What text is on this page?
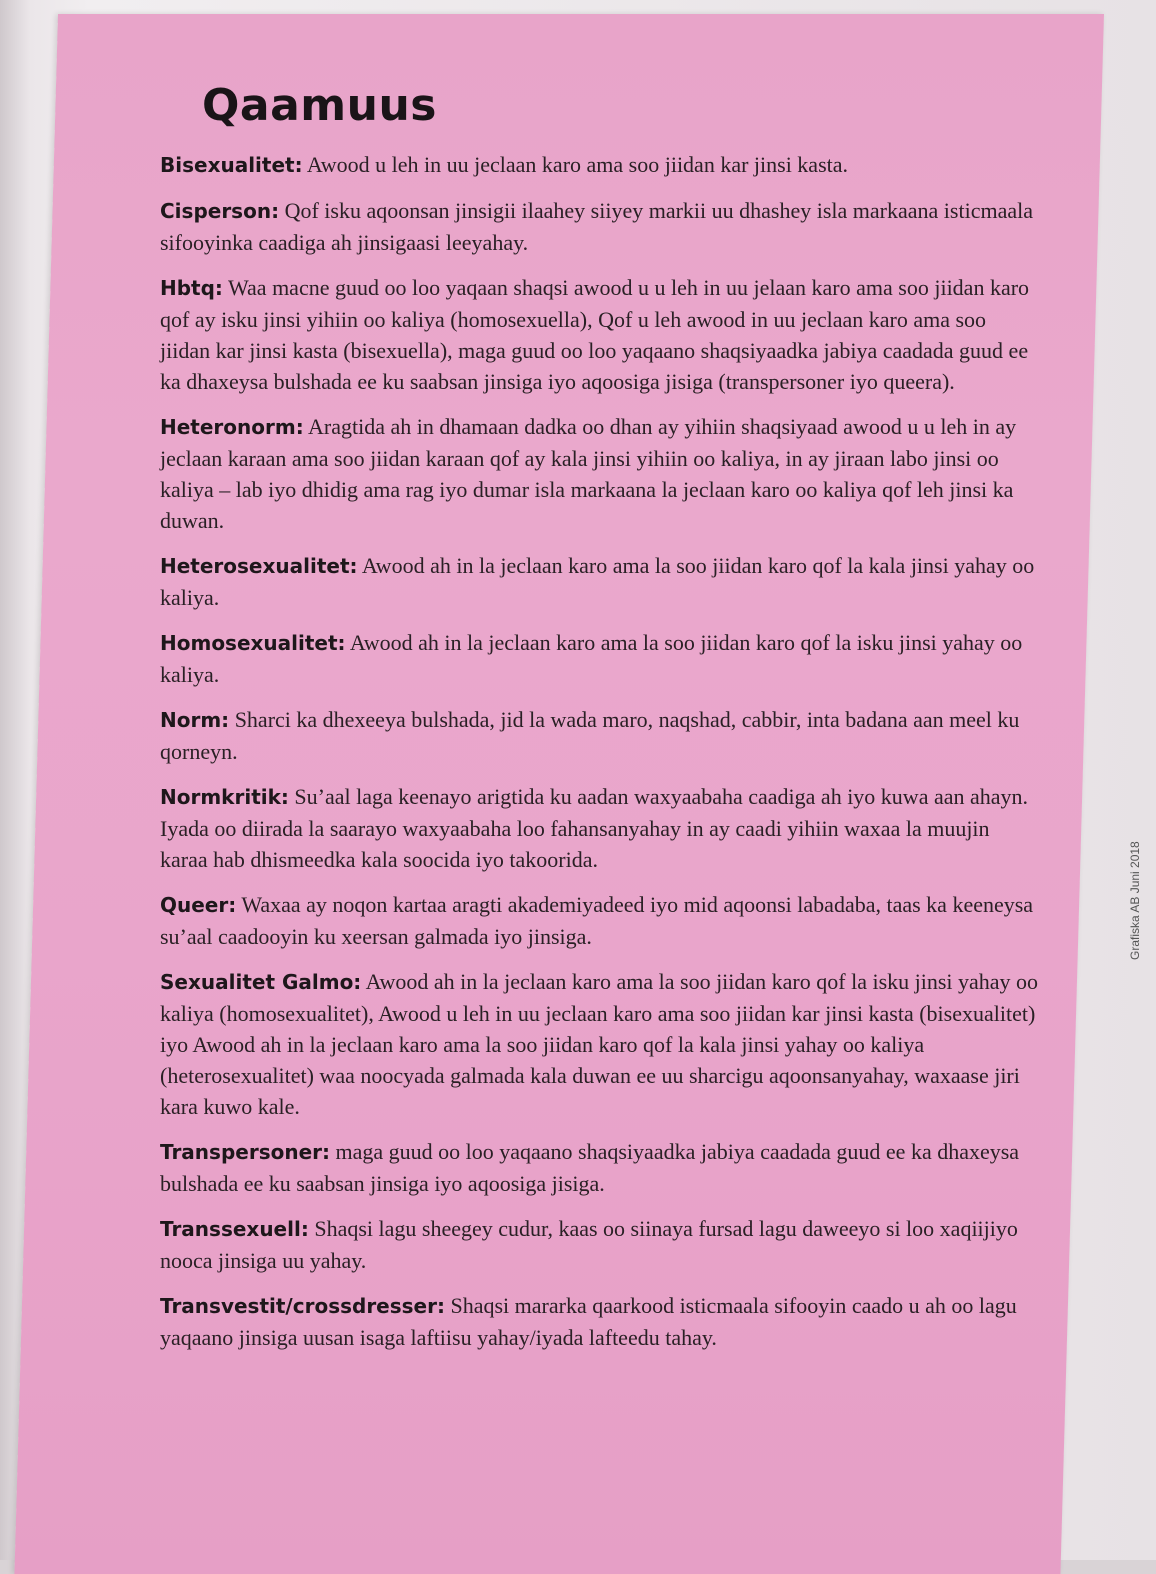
Grafiska AB Juni 2018
Qaamuus

Bisexualitet: Awood u leh in uu jeclaan karo ama soo jiidan kar jinsi kasta.

Cisperson: Qof isku aqoonsan jinsigii ilaahey siiyey markii uu dhashey isla markaana isticmaala sifooyinka caadiga ah jinsigaasi leeyahay.

Hbtq: Waa macne guud oo loo yaqaan shaqsi awood u u leh in uu jelaan karo ama soo jiidan karo qof ay isku jinsi yihiin oo kaliya (homosexuella), Qof u leh awood in uu jeclaan karo ama soo jiidan kar jinsi kasta (bisexuella), maga guud oo loo yaqaano shaqsiyaadka jabiya caadada guud ee ka dhaxeysa bulshada ee ku saabsan jinsiga iyo aqoosiga jisiga (transpersoner iyo queera).

Heteronorm: Aragtida ah in dhamaan dadka oo dhan ay yihiin shaqsiyaad awood u u leh in ay jeclaan karaan ama soo jiidan karaan qof ay kala jinsi yihiin oo kaliya, in ay jiraan labo jinsi oo kaliya – lab iyo dhidig ama rag iyo dumar isla markaana la jeclaan karo oo kaliya qof leh jinsi ka duwan.

Heterosexualitet: Awood ah in la jeclaan karo ama la soo jiidan karo qof la kala jinsi yahay oo kaliya.

Homosexualitet: Awood ah in la jeclaan karo ama la soo jiidan karo qof la isku jinsi yahay oo kaliya.

Norm: Sharci ka dhexeeya bulshada, jid la wada maro, naqshad, cabbir, inta badana aan meel ku qorneyn.

Normkritik: Su’aal laga keenayo arigtida ku aadan waxyaabaha caadiga ah iyo kuwa aan ahayn. Iyada oo diirada la saarayo waxyaabaha loo fahansanyahay in ay caadi yihiin waxaa la muujin karaa hab dhismeedka kala soocida iyo takoorida.

Queer: Waxaa ay noqon kartaa aragti akademiyadeed iyo mid aqoonsi labadaba, taas ka keeneysa su’aal caadooyin ku xeersan galmada iyo jinsiga.

Sexualitet Galmo: Awood ah in la jeclaan karo ama la soo jiidan karo qof la isku jinsi yahay oo kaliya (homosexualitet), Awood u leh in uu jeclaan karo ama soo jiidan kar jinsi kasta (bisexualitet) iyo Awood ah in la jeclaan karo ama la soo jiidan karo qof la kala jinsi yahay oo kaliya (heterosexualitet) waa noocyada galmada kala duwan ee uu sharcigu aqoonsanyahay, waxaase jiri kara kuwo kale.

Transpersoner: maga guud oo loo yaqaano shaqsiyaadka jabiya caadada guud ee ka dhaxeysa bulshada ee ku saabsan jinsiga iyo aqoosiga jisiga.

Transsexuell: Shaqsi lagu sheegey cudur, kaas oo siinaya fursad lagu daweeyo si loo xaqiijiyo nooca jinsiga uu yahay.

Transvestit/crossdresser: Shaqsi mararka qaarkood isticmaala sifooyin caado u ah oo lagu yaqaano jinsiga uusan isaga laftiisu yahay/iyada lafteedu tahay.
